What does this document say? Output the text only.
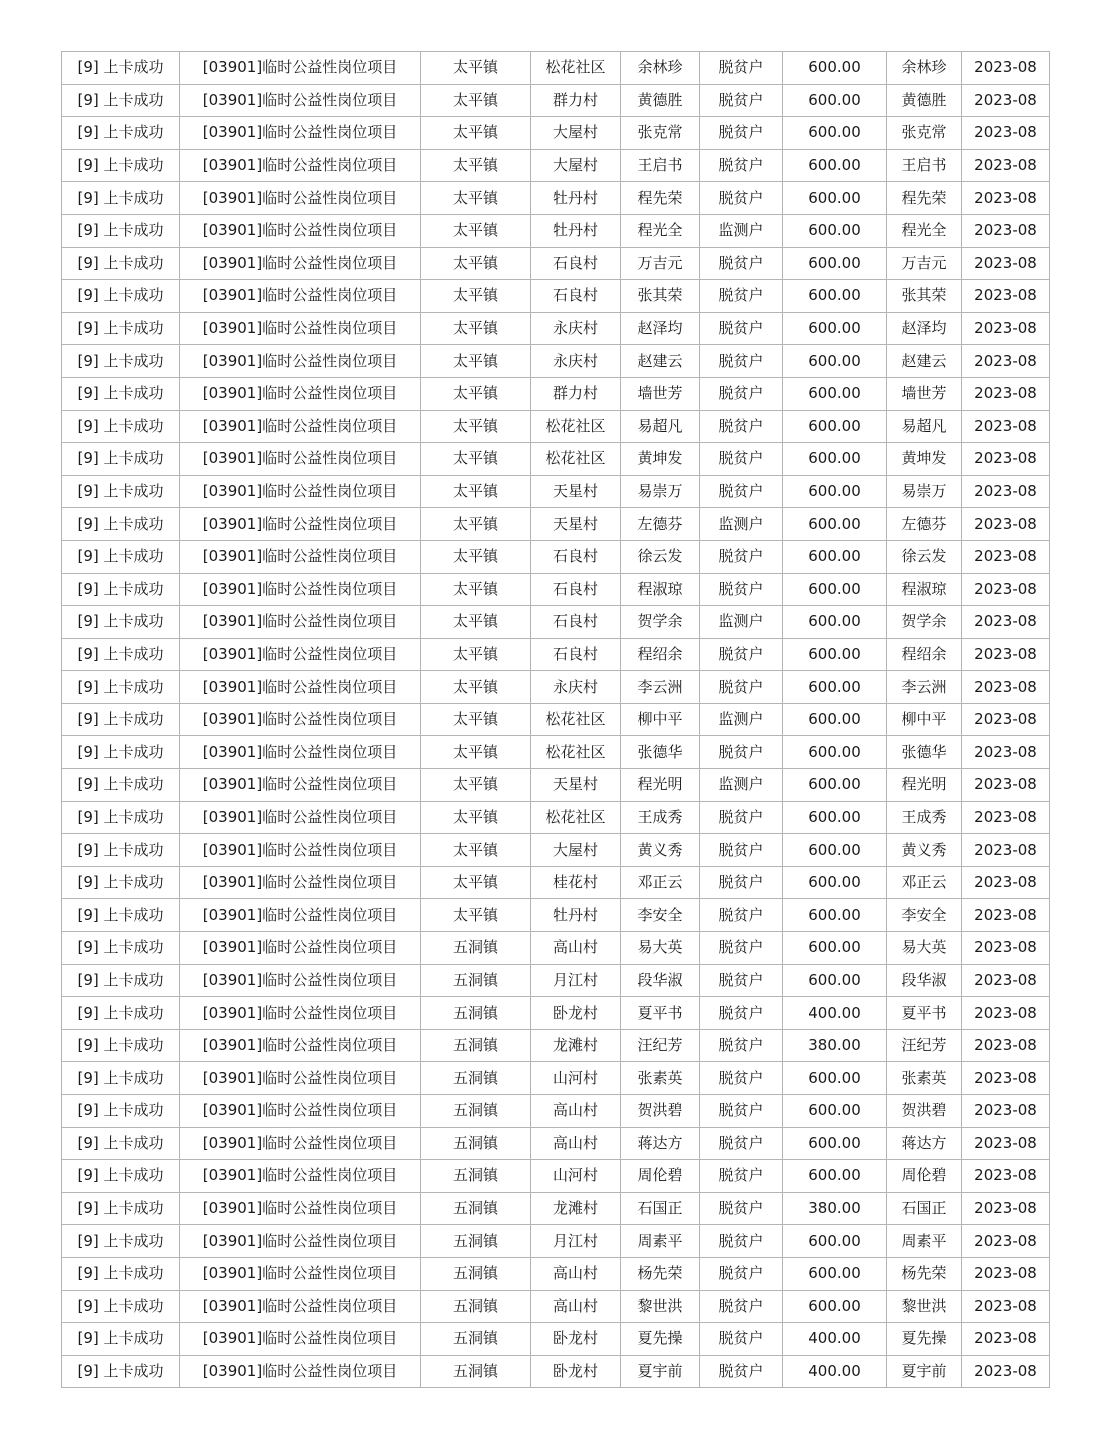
[9] 上卡成功	[03901]临时公益性岗位项目	太平镇	松花社区	余林珍	脱贫户	600.00	余林珍	2023-08
[9] 上卡成功	[03901]临时公益性岗位项目	太平镇	群力村	黄德胜	脱贫户	600.00	黄德胜	2023-08
[9] 上卡成功	[03901]临时公益性岗位项目	太平镇	大屋村	张克常	脱贫户	600.00	张克常	2023-08
[9] 上卡成功	[03901]临时公益性岗位项目	太平镇	大屋村	王启书	脱贫户	600.00	王启书	2023-08
[9] 上卡成功	[03901]临时公益性岗位项目	太平镇	牡丹村	程先荣	脱贫户	600.00	程先荣	2023-08
[9] 上卡成功	[03901]临时公益性岗位项目	太平镇	牡丹村	程光全	监测户	600.00	程光全	2023-08
[9] 上卡成功	[03901]临时公益性岗位项目	太平镇	石良村	万吉元	脱贫户	600.00	万吉元	2023-08
[9] 上卡成功	[03901]临时公益性岗位项目	太平镇	石良村	张其荣	脱贫户	600.00	张其荣	2023-08
[9] 上卡成功	[03901]临时公益性岗位项目	太平镇	永庆村	赵泽均	脱贫户	600.00	赵泽均	2023-08
[9] 上卡成功	[03901]临时公益性岗位项目	太平镇	永庆村	赵建云	脱贫户	600.00	赵建云	2023-08
[9] 上卡成功	[03901]临时公益性岗位项目	太平镇	群力村	墙世芳	脱贫户	600.00	墙世芳	2023-08
[9] 上卡成功	[03901]临时公益性岗位项目	太平镇	松花社区	易超凡	脱贫户	600.00	易超凡	2023-08
[9] 上卡成功	[03901]临时公益性岗位项目	太平镇	松花社区	黄坤发	脱贫户	600.00	黄坤发	2023-08
[9] 上卡成功	[03901]临时公益性岗位项目	太平镇	天星村	易崇万	脱贫户	600.00	易崇万	2023-08
[9] 上卡成功	[03901]临时公益性岗位项目	太平镇	天星村	左德芬	监测户	600.00	左德芬	2023-08
[9] 上卡成功	[03901]临时公益性岗位项目	太平镇	石良村	徐云发	脱贫户	600.00	徐云发	2023-08
[9] 上卡成功	[03901]临时公益性岗位项目	太平镇	石良村	程淑琼	脱贫户	600.00	程淑琼	2023-08
[9] 上卡成功	[03901]临时公益性岗位项目	太平镇	石良村	贺学余	监测户	600.00	贺学余	2023-08
[9] 上卡成功	[03901]临时公益性岗位项目	太平镇	石良村	程绍余	脱贫户	600.00	程绍余	2023-08
[9] 上卡成功	[03901]临时公益性岗位项目	太平镇	永庆村	李云洲	脱贫户	600.00	李云洲	2023-08
[9] 上卡成功	[03901]临时公益性岗位项目	太平镇	松花社区	柳中平	监测户	600.00	柳中平	2023-08
[9] 上卡成功	[03901]临时公益性岗位项目	太平镇	松花社区	张德华	脱贫户	600.00	张德华	2023-08
[9] 上卡成功	[03901]临时公益性岗位项目	太平镇	天星村	程光明	监测户	600.00	程光明	2023-08
[9] 上卡成功	[03901]临时公益性岗位项目	太平镇	松花社区	王成秀	脱贫户	600.00	王成秀	2023-08
[9] 上卡成功	[03901]临时公益性岗位项目	太平镇	大屋村	黄义秀	脱贫户	600.00	黄义秀	2023-08
[9] 上卡成功	[03901]临时公益性岗位项目	太平镇	桂花村	邓正云	脱贫户	600.00	邓正云	2023-08
[9] 上卡成功	[03901]临时公益性岗位项目	太平镇	牡丹村	李安全	脱贫户	600.00	李安全	2023-08
[9] 上卡成功	[03901]临时公益性岗位项目	五洞镇	高山村	易大英	脱贫户	600.00	易大英	2023-08
[9] 上卡成功	[03901]临时公益性岗位项目	五洞镇	月江村	段华淑	脱贫户	600.00	段华淑	2023-08
[9] 上卡成功	[03901]临时公益性岗位项目	五洞镇	卧龙村	夏平书	脱贫户	400.00	夏平书	2023-08
[9] 上卡成功	[03901]临时公益性岗位项目	五洞镇	龙滩村	汪纪芳	脱贫户	380.00	汪纪芳	2023-08
[9] 上卡成功	[03901]临时公益性岗位项目	五洞镇	山河村	张素英	脱贫户	600.00	张素英	2023-08
[9] 上卡成功	[03901]临时公益性岗位项目	五洞镇	高山村	贺洪碧	脱贫户	600.00	贺洪碧	2023-08
[9] 上卡成功	[03901]临时公益性岗位项目	五洞镇	高山村	蒋达方	脱贫户	600.00	蒋达方	2023-08
[9] 上卡成功	[03901]临时公益性岗位项目	五洞镇	山河村	周伦碧	脱贫户	600.00	周伦碧	2023-08
[9] 上卡成功	[03901]临时公益性岗位项目	五洞镇	龙滩村	石国正	脱贫户	380.00	石国正	2023-08
[9] 上卡成功	[03901]临时公益性岗位项目	五洞镇	月江村	周素平	脱贫户	600.00	周素平	2023-08
[9] 上卡成功	[03901]临时公益性岗位项目	五洞镇	高山村	杨先荣	脱贫户	600.00	杨先荣	2023-08
[9] 上卡成功	[03901]临时公益性岗位项目	五洞镇	高山村	黎世洪	脱贫户	600.00	黎世洪	2023-08
[9] 上卡成功	[03901]临时公益性岗位项目	五洞镇	卧龙村	夏先操	脱贫户	400.00	夏先操	2023-08
[9] 上卡成功	[03901]临时公益性岗位项目	五洞镇	卧龙村	夏宇前	脱贫户	400.00	夏宇前	2023-08
